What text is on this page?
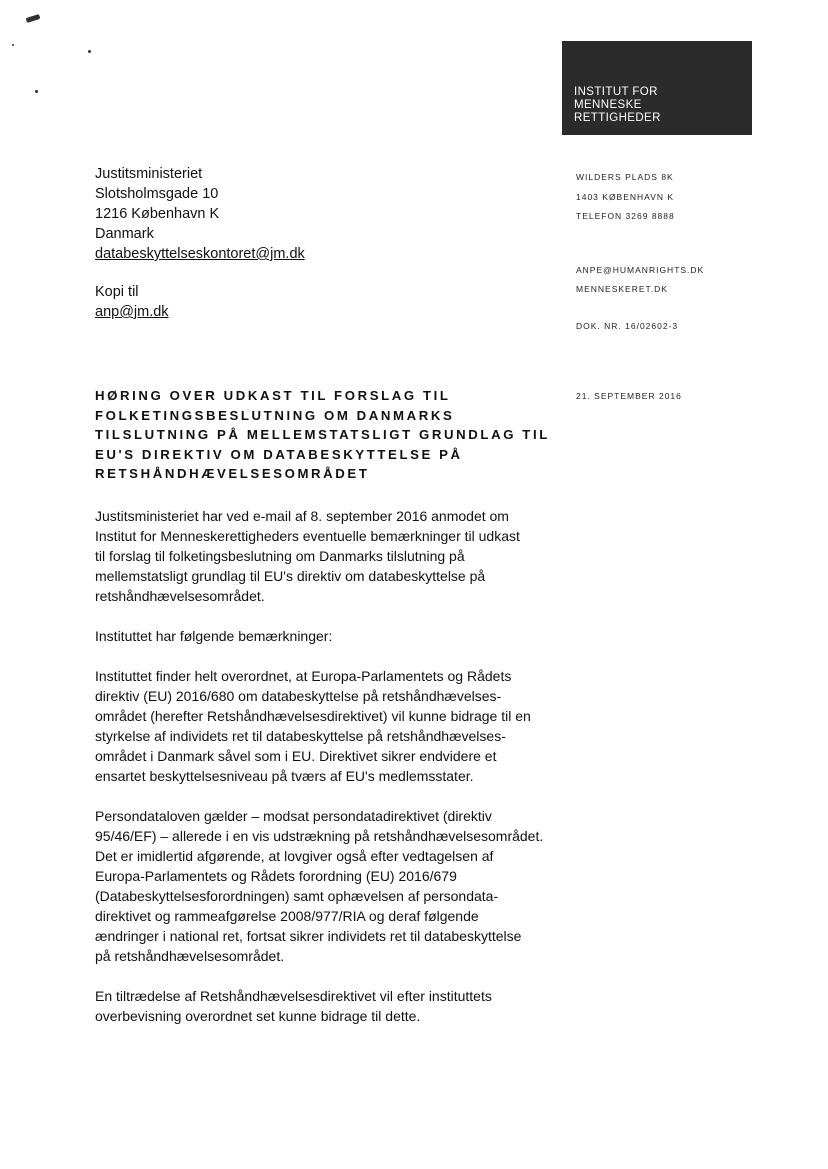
INSTITUT FOR
MENNESKE
RETTIGHEDER
Justitsministeriet
Slotsholmsgade 10
1216 København K
Danmark
databeskyttelseskontoret@jm.dk
Kopi til
anp@jm.dk
WILDERS PLADS 8K
1403 KØBENHAVN K
TELEFON 3269 8888
ANPE@HUMANRIGHTS.DK
MENNESKERET.DK
DOK. NR. 16/02602-3
21. SEPTEMBER 2016
HØRING OVER UDKAST TIL FORSLAG TIL
FOLKETINGSBESLUTNING OM DANMARKS
TILSLUTNING PÅ MELLEMSTATSLIGT GRUNDLAG TIL
EU'S DIREKTIV OM DATABESKYTTELSE PÅ
RETSHÅNDHÆVELSESOMRÅDET

Justitsministeriet har ved e-mail af 8. september 2016 anmodet om
Institut for Menneskerettigheders eventuelle bemærkninger til udkast
til forslag til folketingsbeslutning om Danmarks tilslutning på
mellemstatsligt grundlag til EU's direktiv om databeskyttelse på
retshåndhævelsesområdet.

Instituttet har følgende bemærkninger:

Instituttet finder helt overordnet, at Europa-Parlamentets og Rådets
direktiv (EU) 2016/680 om databeskyttelse på retshåndhævelses-
området (herefter Retshåndhævelsesdirektivet) vil kunne bidrage til en
styrkelse af individets ret til databeskyttelse på retshåndhævelses-
området i Danmark såvel som i EU. Direktivet sikrer endvidere et
ensartet beskyttelsesniveau på tværs af EU's medlemsstater.

Persondataloven gælder – modsat persondatadirektivet (direktiv
95/46/EF) – allerede i en vis udstrækning på retshåndhævelsesområdet.
Det er imidlertid afgørende, at lovgiver også efter vedtagelsen af
Europa-Parlamentets og Rådets forordning (EU) 2016/679
(Databeskyttelsesforordningen) samt ophævelsen af persondata-
direktivet og rammeafgørelse 2008/977/RIA og deraf følgende
ændringer i national ret, fortsat sikrer individets ret til databeskyttelse
på retshåndhævelsesområdet.

En tiltrædelse af Retshåndhævelsesdirektivet vil efter instituttets
overbevisning overordnet set kunne bidrage til dette.
